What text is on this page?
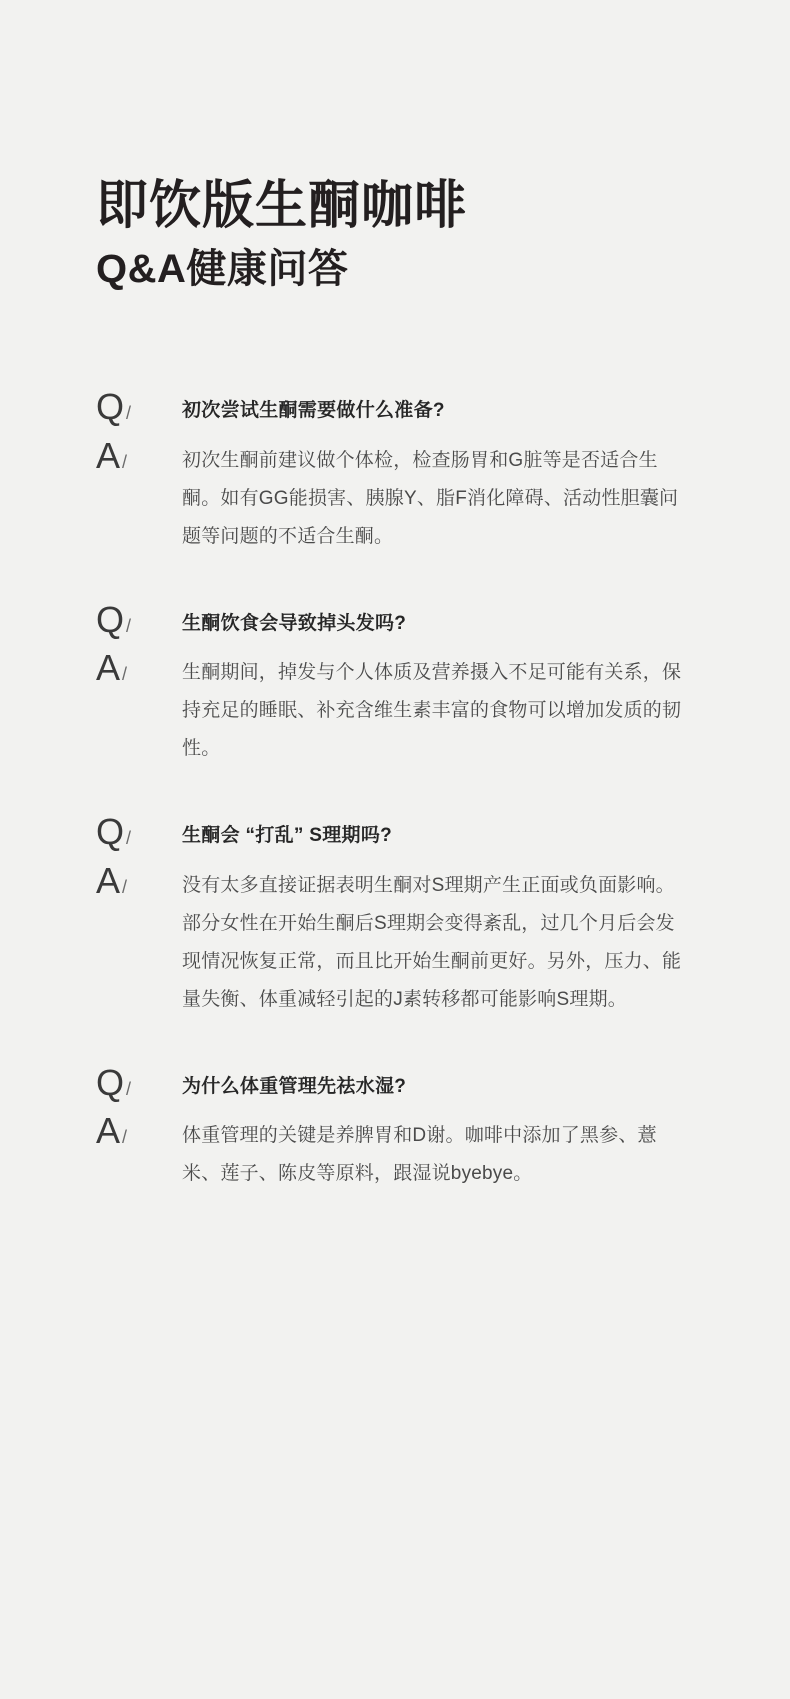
即饮版生酮咖啡
Q&A健康问答
Q /	初次尝试生酮需要做什么准备?
A /	初次生酮前建议做个体检，检查肠胃和G脏等是否适合生酮。如有GG能损害、胰腺Y、脂F消化障碍、活动性胆囊问题等问题的不适合生酮。
Q /	生酮饮食会导致掉头发吗?
A /	生酮期间，掉发与个人体质及营养摄入不足可能有关系，保持充足的睡眠、补充含维生素丰富的食物可以增加发质的韧性。
Q /	生酮会 “打乱” S理期吗?
A /	没有太多直接证据表明生酮对S理期产生正面或负面影响。部分女性在开始生酮后S理期会变得紊乱，过几个月后会发现情况恢复正常，而且比开始生酮前更好。另外，压力、能量失衡、体重减轻引起的J素转移都可能影响S理期。
Q /	为什么体重管理先祛水湿?
A /	体重管理的关键是养脾胃和D谢。咖啡中添加了黑参、薏米、莲子、陈皮等原料，跟湿说byebye。
